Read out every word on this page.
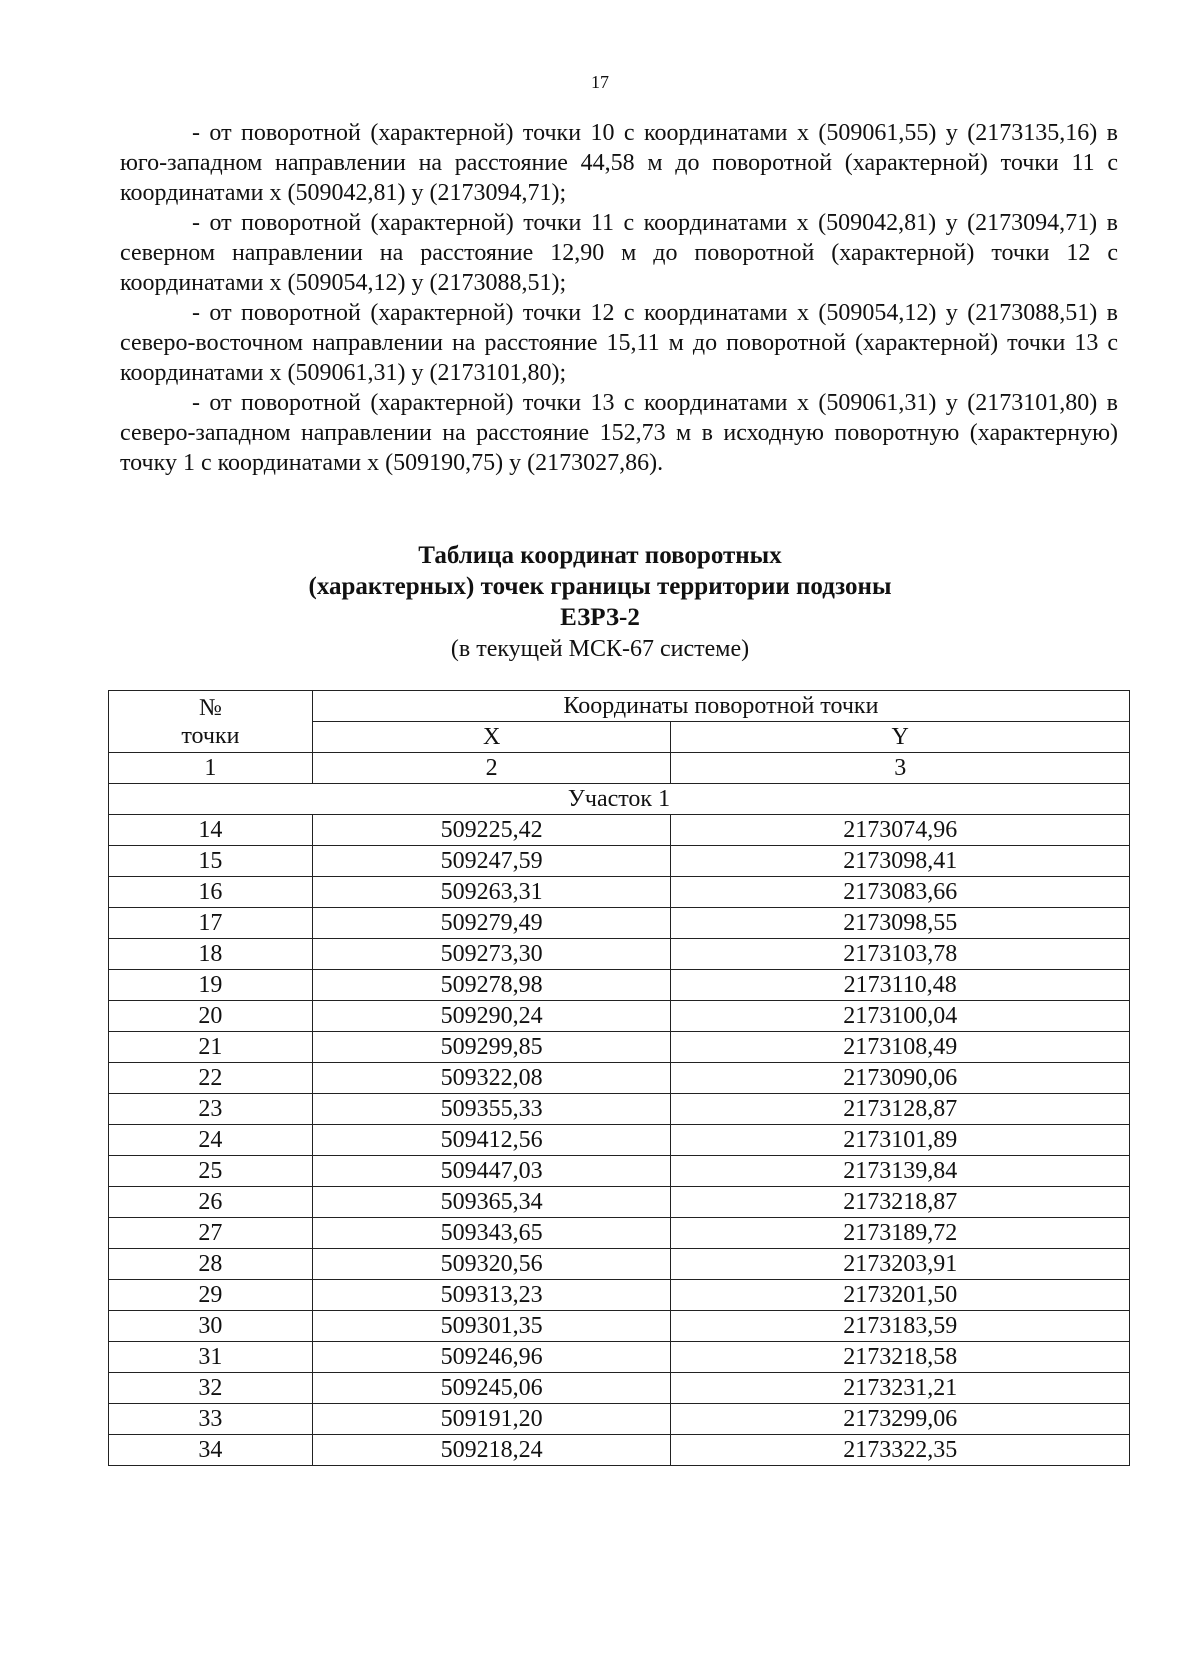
17

- от поворотной (характерной) точки 10 с координатами x (509061,55) y (2173135,16) в юго-западном направлении на расстояние 44,58 м до поворотной (характерной) точки 11 с координатами x (509042,81) y (2173094,71);

- от поворотной (характерной) точки 11 с координатами x (509042,81) y (2173094,71) в северном направлении на расстояние 12,90 м до поворотной (характерной) точки 12 с координатами x (509054,12) y (2173088,51);

- от поворотной (характерной) точки 12 с координатами x (509054,12) y (2173088,51) в северо-восточном направлении на расстояние 15,11 м до поворотной (характерной) точки 13 с координатами x (509061,31) y (2173101,80);

- от поворотной (характерной) точки 13 с координатами x (509061,31) y (2173101,80) в северо-западном направлении на расстояние 152,73 м в исходную поворотную (характерную) точку 1 с координатами x (509190,75) y (2173027,86).

Таблица координат поворотных
(характерных) точек границы территории подзоны
ЕЗРЗ-2
(в текущей МСК-67 системе)
№
точки	Координаты поворотной точки	
	X	Y
1	2	3
Участок 1		
14	509225,42	2173074,96
15	509247,59	2173098,41
16	509263,31	2173083,66
17	509279,49	2173098,55
18	509273,30	2173103,78
19	509278,98	2173110,48
20	509290,24	2173100,04
21	509299,85	2173108,49
22	509322,08	2173090,06
23	509355,33	2173128,87
24	509412,56	2173101,89
25	509447,03	2173139,84
26	509365,34	2173218,87
27	509343,65	2173189,72
28	509320,56	2173203,91
29	509313,23	2173201,50
30	509301,35	2173183,59
31	509246,96	2173218,58
32	509245,06	2173231,21
33	509191,20	2173299,06
34	509218,24	2173322,35
